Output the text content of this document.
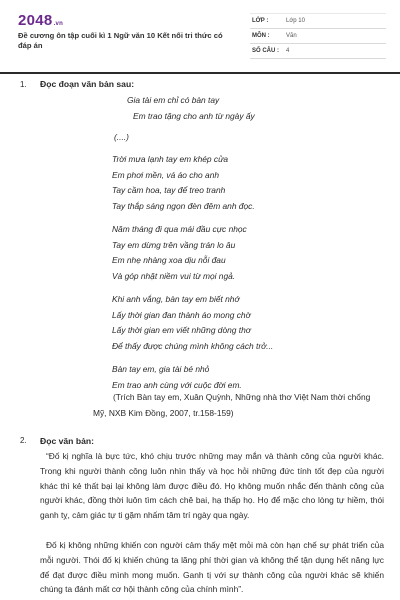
2048.vn
Đề cương ôn tập cuối kì 1 Ngữ văn 10 Kết nối tri thức có đáp án
LỚP :	Lớp 10
MÔN :	Văn
SỐ CÂU :	4
1. Đọc đoạn văn bản sau:
Gia tài em chỉ có bàn tay
Em trao tặng cho anh từ ngày ấy
(....)
Trời mưa lạnh tay em khép cửa
Em phơi mền, vá áo cho anh
Tay cầm hoa, tay để treo tranh
Tay thắp sáng ngọn đèn đêm anh đọc.
Năm tháng đi qua mái đầu cực nhọc
Tay em dừng trên vầng trán lo âu
Em nhẹ nhàng xoa dịu nỗi đau
Và góp nhặt niềm vui từ mọi ngả.
Khi anh vắng, bàn tay em biết nhớ
Lấy thời gian đan thành áo mong chờ
Lấy thời gian em viết những dòng thơ
Để thấy được chúng mình không cách trở...
Bàn tay em, gia tài bé nhỏ
Em trao anh cùng với cuộc đời em.
(Trích Bàn tay em, Xuân Quỳnh, Những nhà thơ Việt Nam thời chống Mỹ, NXB Kim Đồng, 2007, tr.158-159)
2. Đọc văn bản:
“Đố kị nghĩa là bực tức, khó chịu trước những may mắn và thành công của người khác. Trong khi người thành công luôn nhìn thấy và học hỏi những đức tính tốt đẹp của người khác thì kẻ thất bại lại không làm được điều đó. Họ không muốn nhắc đến thành công của người khác, đồng thời luôn tìm cách chê bai, hạ thấp họ. Họ để mặc cho lòng tự hiềm, thói ganh tỵ, cảm giác tự ti gặm nhấm tâm trí ngày qua ngày.
Đố kị không những khiến con người cảm thấy mệt mỏi mà còn hạn chế sự phát triển của mỗi người. Thói đố kị khiến chúng ta lãng phí thời gian và không thể tận dụng hết năng lực để đạt được điều mình mong muốn. Ganh tị với sự thành công của người khác sẽ khiến chúng ta đánh mất cơ hội thành công của chính mình”.
